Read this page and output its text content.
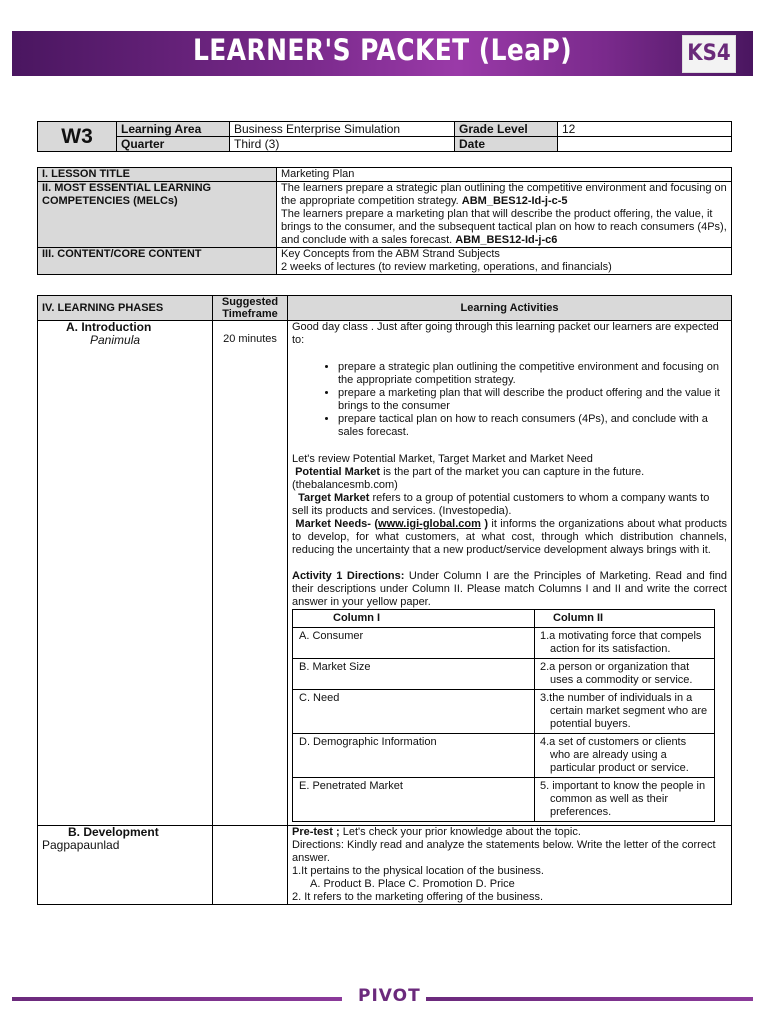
LEARNER'S PACKET (LeaP)	KS4
W3	Learning Area	Business Enterprise Simulation	Grade Level	12
	Quarter	Third (3)	Date	
I. LESSON TITLE	Marketing Plan
II. MOST ESSENTIAL LEARNING COMPETENCIES (MELCs)	The learners prepare a strategic plan outlining the competitive environment and focusing on the appropriate competition strategy. ABM_BES12-Id-j-c-5
The learners prepare a marketing plan that will describe the product offering, the value, it brings to the consumer, and the subsequent tactical plan on how to reach consumers (4Ps), and conclude with a sales forecast. ABM_BES12-Id-j-c6
III. CONTENT/CORE CONTENT	Key Concepts from the ABM Strand Subjects
2 weeks of lectures (to review marketing, operations, and financials)
IV. LEARNING PHASES	Suggested Timeframe	Learning Activities

A. Introduction
Panimula	20 minutes	

Good day class . Just after going through this learning packet our learners are expected to:

• prepare a strategic plan outlining the competitive environment and focusing on the appropriate competition strategy.
• prepare a marketing plan that will describe the product offering and the value it brings to the consumer
• prepare tactical plan on how to reach consumers (4Ps), and conclude with a sales forecast.

Let's review Potential Market, Target Market and Market Need

Potential Market is the part of the market you can capture in the future. (thebalancesmb.com)

Target Market refers to a group of potential customers to whom a company wants to sell its products and services. (Investopedia).

Market Needs- (www.igi-global.com ) it informs the organizations about what products to develop, for what customers, at what cost, through which distribution channels, reducing the uncertainty that a new product/service development always brings with it.

Activity 1 Directions: Under Column I are the Principles of Marketing. Read and find their descriptions under Column II. Please match Columns I and II and write the correct answer in your yellow paper.

Column I	Column II
A. Consumer	1.a motivating force that compels action for its satisfaction.
B. Market Size	2.a person or organization that uses a commodity or service.
C. Need	3.the number of individuals in a certain market segment who are potential buyers.
D. Demographic Information	4.a set of customers or clients who are already using a particular product or service.
E. Penetrated Market	5. important to know the people in common as well as their preferences.

B. Development
Pagpapaunlad

Pre-test ; Let's check your prior knowledge about the topic.

Directions: Kindly read and analyze the statements below. Write the letter of the correct answer.

1.It pertains to the physical location of the business.

A. Product B. Place C. Promotion D. Price

2. It refers to the marketing offering of the business.

PIVOT
